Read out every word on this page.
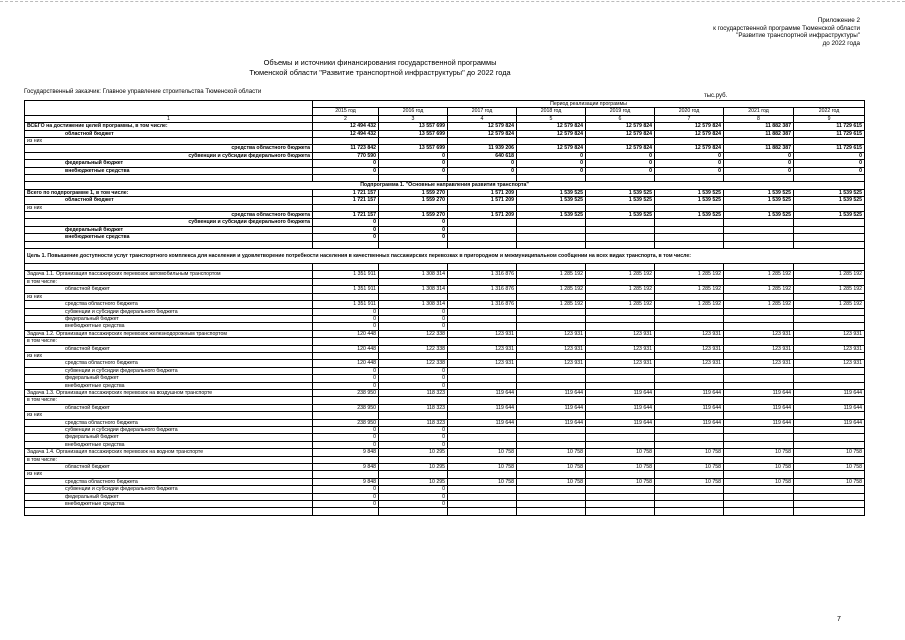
Приложение 2
к государственной программе Тюменской области
"Развитие транспортной инфраструктуры"
до 2022 года
Объемы и источники финансирования государственной программы
Тюменской области "Развитие транспортной инфраструктуры" до 2022 года
Государственный заказчик: Главное управление строительства Тюменской области
тыс.руб.
	Период реализации программы							
	2015 год	2016 год	2017 год	2018 год	2019 год	2020 год	2021 год	2022 год
1	2	3	4	5	6	7	8	9
ВСЕГО на достижение целей программы, в том числе:	12 494 432	13 557 699	12 579 824	12 579 824	12 579 824	12 579 824	11 882 387	11 729 615
областной бюджет	12 494 432	13 557 699	12 579 824	12 579 824	12 579 824	12 579 824	11 882 387	11 729 615
из них								
средства областного бюджета	11 723 842	13 557 699	11 939 206	12 579 824	12 579 824	12 579 824	11 882 387	11 729 615
субвенции и субсидии федерального бюджета	770 590	0	640 618	0	0	0	0	0
федеральный бюджет	0	0	0	0	0	0	0	0
внебюджетные средства	0	0	0	0	0	0	0	0

Подпрограмма 1. "Основные направления развития транспорта"								
Всего по подпрограмме 1, в том числе:	1 721 157	1 559 270	1 571 209	1 539 525	1 539 525	1 539 525	1 539 525	1 539 525
областной бюджет	1 721 157	1 559 270	1 571 209	1 539 525	1 539 525	1 539 525	1 539 525	1 539 525
из них								
средства областного бюджета	1 721 157	1 559 270	1 571 209	1 539 525	1 539 525	1 539 525	1 539 525	1 539 525
субвенции и субсидии федерального бюджета	0	0						
федеральный бюджет	0	0						
внебюджетные средства	0	0						

Цель 1. Повышение доступности услуг транспортного комплекса для населения и удовлетворение потребности населения в качественных пассажирских перевозках в пригородном и межмуниципальном сообщении на всех видах транспорта, в том числе:								

Задача 1.1. Организация пассажирских перевозок автомобильным транспортом	1 351 911	1 308 314	1 316 876	1 285 192	1 285 192	1 285 192	1 285 192	1 285 192
в том числе:								
областной бюджет	1 351 911	1 308 314	1 316 876	1 285 192	1 285 192	1 285 192	1 285 192	1 285 192
из них								
средства областного бюджета	1 351 911	1 308 314	1 316 876	1 285 192	1 285 192	1 285 192	1 285 192	1 285 192
субвенции и субсидии федерального бюджета	0	0						
федеральный бюджет	0	0						
внебюджетные средства	0	0						
Задача 1.2. Организация пассажирских перевозок железнодорожным транспортом	120 448	122 338	123 931	123 931	123 931	123 931	123 931	123 931
в том числе:								
областной бюджет	120 448	122 338	123 931	123 931	123 931	123 931	123 931	123 931
из них								
средства областного бюджета	120 448	122 338	123 931	123 931	123 931	123 931	123 931	123 931
субвенции и субсидии федерального бюджета	0	0						
федеральный бюджет	0	0						
внебюджетные средства	0	0						
Задача 1.3. Организация пассажирских перевозок на воздушном транспорте	238 950	118 323	119 644	119 644	119 644	119 644	119 644	119 644
в том числе:								
областной бюджет	238 950	118 323	119 644	119 644	119 644	119 644	119 644	119 644
из них								
средства областного бюджета	238 950	118 323	119 644	119 644	119 644	119 644	119 644	119 644
субвенции и субсидии федерального бюджета	0	0						
федеральный бюджет	0	0						
внебюджетные средства	0	0						
Задача 1.4. Организация пассажирских перевозок на водном транспорте	9 848	10 295	10 758	10 758	10 758	10 758	10 758	10 758
в том числе:								
областной бюджет	9 848	10 295	10 758	10 758	10 758	10 758	10 758	10 758
из них								
средства областного бюджета	9 848	10 295	10 758	10 758	10 758	10 758	10 758	10 758
субвенции и субсидии федерального бюджета	0	0						
федеральный бюджет	0	0						
внебюджетные средства	0	0						

7
